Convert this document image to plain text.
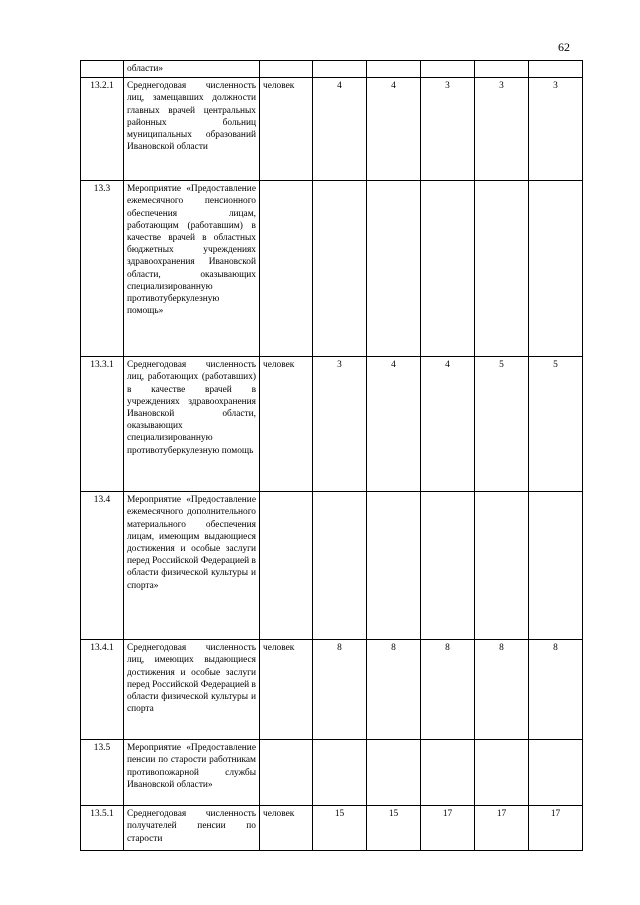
62
	области»						
13.2.1	Среднегодовая численность лиц, замещавших должности главных врачей центральных районных больниц муниципальных образований Ивановской области	человек	4	4	3	3	3
13.3	Мероприятие «Предоставление ежемесячного пенсионного обеспечения лицам, работающим (работавшим) в качестве врачей в областных бюджетных учреждениях здравоохранения Ивановской области, оказывающих специализированную противотуберкулезную помощь»						
13.3.1	Среднегодовая численность лиц, работающих (работавших) в качестве врачей в учреждениях здравоохранения Ивановской области, оказывающих специализированную противотуберкулезную помощь	человек	3	4	4	5	5
13.4	Мероприятие «Предоставление ежемесячного дополнительного материального обеспечения лицам, имеющим выдающиеся достижения и особые заслуги перед Российской Федерацией в области физической культуры и спорта»						
13.4.1	Среднегодовая численность лиц, имеющих выдающиеся достижения и особые заслуги перед Российской Федерацией в области физической культуры и спорта	человек	8	8	8	8	8
13.5	Мероприятие «Предоставление пенсии по старости работникам противопожарной службы Ивановской области»						
13.5.1	Среднегодовая численность получателей пенсии по старости	человек	15	15	17	17	17
